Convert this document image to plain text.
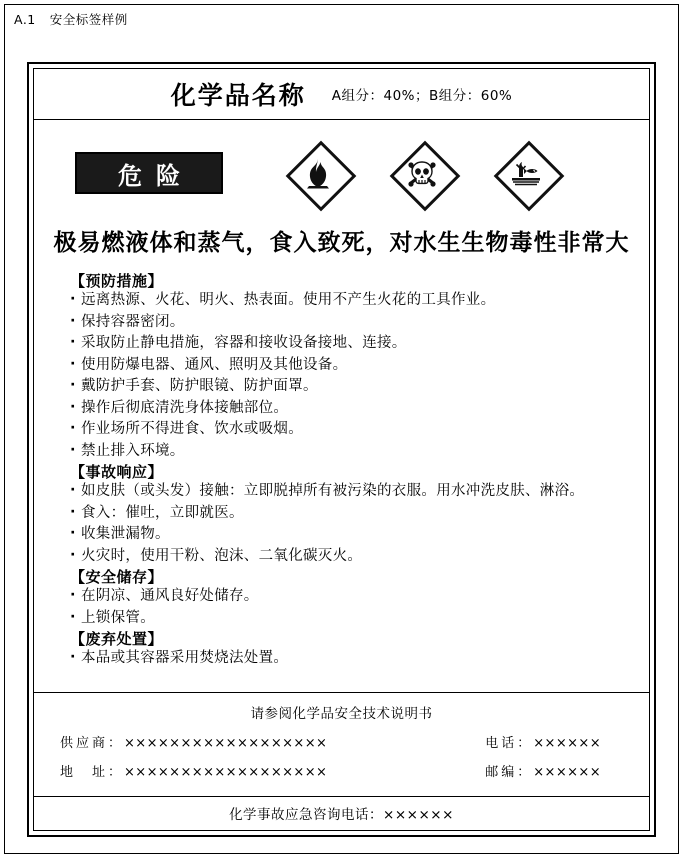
A.1 安全标签样例
化学品名称 A组分：40%；B组分：60%
危险
极易燃液体和蒸气，食入致死，对水生生物毒性非常大
【预防措施】
· 远离热源、火花、明火、热表面。使用不产生火花的工具作业。
· 保持容器密闭。
· 采取防止静电措施，容器和接收设备接地、连接。
· 使用防爆电器、通风、照明及其他设备。
· 戴防护手套、防护眼镜、防护面罩。
· 操作后彻底清洗身体接触部位。
· 作业场所不得进食、饮水或吸烟。
· 禁止排入环境。
【事故响应】
· 如皮肤（或头发）接触：立即脱掉所有被污染的衣服。用水冲洗皮肤、淋浴。
· 食入：催吐，立即就医。
· 收集泄漏物。
· 火灾时，使用干粉、泡沫、二氧化碳灭火。
【安全储存】
· 在阴凉、通风良好处储存。
· 上锁保管。
【废弃处置】
· 本品或其容器采用焚烧法处置。
请参阅化学品安全技术说明书
供应商：××××××××××××××××××	电话：××××××
地　址：××××××××××××××××××	邮编：××××××
化学事故应急咨询电话：××××××
